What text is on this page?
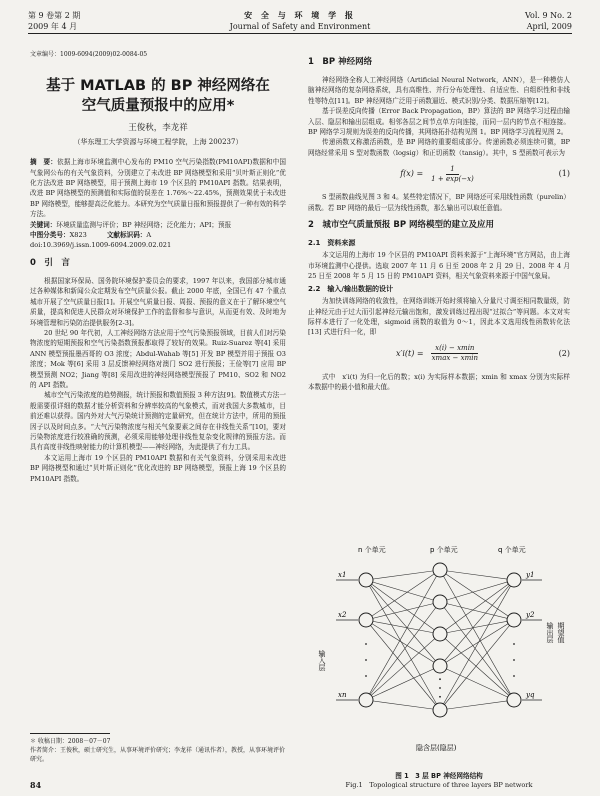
第 9 卷第 2 期
2009 年 4 月
安 全 与 环 境 学 报
Journal of Safety and Environment
Vol. 9 No. 2
April, 2009
文章编号：1009-6094(2009)02-0084-05
基于 MATLAB 的 BP 神经网络在
空气质量预报中的应用*
王俊秋，李龙祥
（华东理工大学资源与环境工程学院，上海 200237）

摘　要：依据上海市环境监测中心发布的 PM10 空气污染指数(PM10API)数据和中国气象网公布的有关气象资料，分别建立了未改进 BP 网络模型和采用“贝叶斯正则化”优化方法改进 BP 网络模型，用于预测上海市 19 个区县的 PM10API 指数。结果表明，改进 BP 网络模型的预测值和实际值的误差在 1.76%～22.45%，预测效果优于未改进 BP 网络模型，能够提高泛化能力。本研究为空气质量日报和预报提供了一种有效的科学方法。

关键词：环境质量监测与评价；BP 神经网络；泛化能力；API；预报

中图分类号：X823	文献标识码：A

doi:10.3969/j.issn.1009-6094.2009.02.021

0　引　言

根据国家环保局、国务院环境保护委员会的要求，1997 年以来，我国部分城市通过各种媒体和新闻公众定期发布空气质量公报。截止 2000 年底，全国已有 47 个重点城市开展了空气质量日报[1]。开展空气质量日报、周报、预报的意义在于了解环境空气质量，提高和促进人民群众对环境保护工作的监督和参与意识，从而更有效、及时地为环境管理和污染防治提供服务[2-3]。

20 世纪 90 年代初，人工神经网络方法应用于空气污染预报领域，目前人们对污染物浓度的短期预报和空气污染指数预报都取得了较好的效果。Ruiz-Suarez 等[4] 采用 ANN 模型预报墨西哥的 O3 浓度；Abdul-Wahab 等[5] 开发 BP 模型并用于预报 O3 浓度；Mok 等[6] 采用 3 层反馈神经网络对澳门 SO2 进行预报；王俭等[7] 应用 BP 模型预测 NO2；Jiang 等[8] 采用改进的神经网络模型预报了 PM10、SO2 和 NO2 的 API 指数。

城市空气污染浓度的趋势测报，统计预报和数值预报 3 种方法[9]。数值模式方法一般需要很详细的数据才能分析资料和分辨率较高的气象模式，而对我国大多数城市，目前还难以获得。国内外对大气污染统计预测的定量研究，但在统计方法中，所用的预报因子以及时间点多。“大气污染物浓度与相关气象要素之间存在非线性关系”[10]，要对污染物浓度进行较准确的预测，必须采用能够处理非线性复杂变化规律的预报方法。而具有高度非线性映射能力的计算机模型——神经网络，为此提供了有力工具。

本文运用上海市 19 个区县的 PM10API 数据和有关气象资料，分别采用未改进 BP 网络模型和通过“贝叶斯正则化”优化改进的 BP 网络模型，预报上海 19 个区县的 PM10API 指数。

＊ 收稿日期：2008－07－07
作者简介：王俊秋，硕士研究生，从事环境评价研究；李龙祥（通讯作者），教授，从事环境评价研究。
84
1　BP 神经网络

神经网络全称人工神经网络（Artificial Neural Network，ANN），是一种模仿人脑神经网络的复杂网络系统，具有高维性、并行分布处理性、自适应性、自组织性和非线性等特点[11]。BP 神经网络广泛用于函数逼近、模式识别/分类、数据压缩等[12]。

基于误差反向传播（Error Back Propagation，BP）算法的 BP 网络学习过程由输入层、隐层和输出层组成。相邻各层之间节点单方向连接，而同一层内的节点不相连接。BP 网络学习规则为误差的反向传播，其网络拓扑结构见图 1。BP 网络学习流程见图 2。

传递函数又称激活函数，是 BP 网络的重要组成部分。传递函数必须连续可微，BP 网络经常采用 S 型对数函数（logsig）和正切函数（tansig）。其中，S 型函数可表示为

$f(x) = \frac{1}{1 + \exp(-x)}$	(1)

S 型函数曲线见图 3 和 4。某些特定情况下，BP 网络还可采用线性函数（purelin）函数。若 BP 网络的最后一层为线性函数，那么输出可以取任意值。

2　城市空气质量预报 BP 网络模型的建立及应用
2.1　资料来源

本文运用的上海市 19 个区县的 PM10API 资料来源于“上海环境”官方网站，由上海市环境监测中心提供。选取 2007 年 11 月 6 日至 2008 年 2 月 29 日、2008 年 4 月 25 日至 2008 年 5 月 15 日的 PM10API 资料，相关气象资料来源于中国气象局。

2.2　输入/输出数据的设计

为加快训练网络的收敛性，在网络训练开始时须将输入分量尺寸调至相同数量级，防止神经元由于过大而引起神经元输出饱和，激发训练过程出现“过拟合”等问题。本文对实际样本进行了一化处理，sigmoid 函数的取值为 0～1，因此本文选用线性函数转化法[13] 式进行归一化，即

$x'i(t) = \frac{x(i) - xmin}{xmax - xmin}$	(2)

式中　x′i(t) 为归一化后的数；x(i) 为实际样本数据；xmin 和 xmax 分别为实际样本数据中的最小值和最大值。

x1
x2
xn
y1
y2
yq
n 个单元	p 个单元	q 个单元
输入层
输出层 期望值
隐含层(隐层)
图 1　3 层 BP 神经网络结构
Fig.1　Topological structure of three layers BP network
